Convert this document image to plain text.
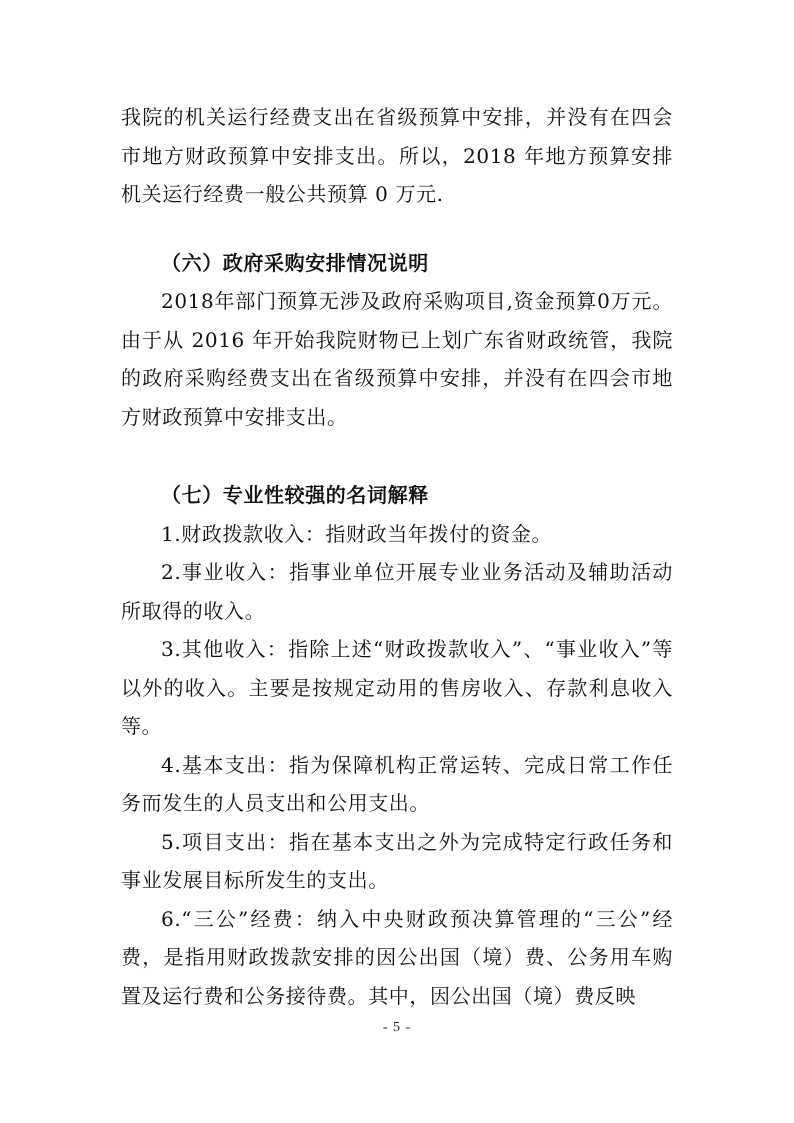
我院的机关运行经费支出在省级预算中安排，并没有在四会市地方财政预算中安排支出。所以，2018 年地方预算安排机关运行经费一般公共预算 0 万元.

（六）政府采购安排情况说明

2018年部门预算无涉及政府采购项目,资金预算0万元。由于从 2016 年开始我院财物已上划广东省财政统管，我院的政府采购经费支出在省级预算中安排，并没有在四会市地方财政预算中安排支出。

（七）专业性较强的名词解释

1.财政拨款收入：指财政当年拨付的资金。

2.事业收入：指事业单位开展专业业务活动及辅助活动所取得的收入。

3.其他收入：指除上述“财政拨款收入”、“事业收入”等以外的收入。主要是按规定动用的售房收入、存款利息收入等。

4.基本支出：指为保障机构正常运转、完成日常工作任务而发生的人员支出和公用支出。

5.项目支出：指在基本支出之外为完成特定行政任务和事业发展目标所发生的支出。

6.“三公”经费：纳入中央财政预决算管理的“三公”经费，是指用财政拨款安排的因公出国（境）费、公务用车购置及运行费和公务接待费。其中，因公出国（境）费反映

- 5 -
